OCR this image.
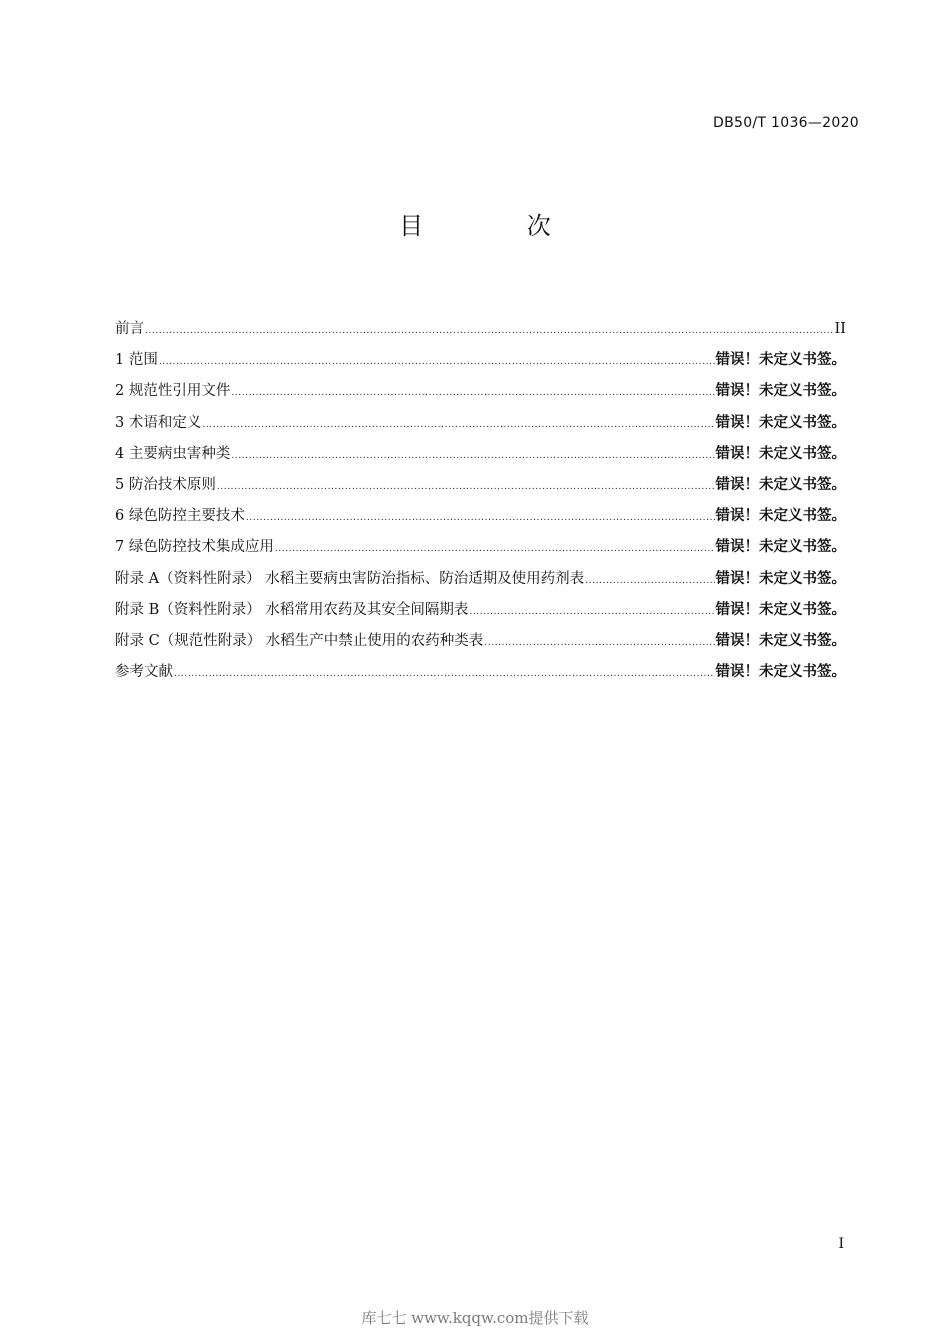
DB50/T 1036—2020
目 次
前言 .....	II
1 范围 .....	错误！未定义书签。
2 规范性引用文件 .....	错误！未定义书签。
3 术语和定义 .....	错误！未定义书签。
4 主要病虫害种类 .....	错误！未定义书签。
5 防治技术原则 .....	错误！未定义书签。
6 绿色防控主要技术 .....	错误！未定义书签。
7 绿色防控技术集成应用 .....	错误！未定义书签。
附录 A（资料性附录） 水稻主要病虫害防治指标、防治适期及使用药剂表 .....	错误！未定义书签。
附录 B（资料性附录） 水稻常用农药及其安全间隔期表 .....	错误！未定义书签。
附录 C（规范性附录） 水稻生产中禁止使用的农药种类表 .....	错误！未定义书签。
参考文献 .....	错误！未定义书签。
I
库七七 www.kqqw.com提供下载
